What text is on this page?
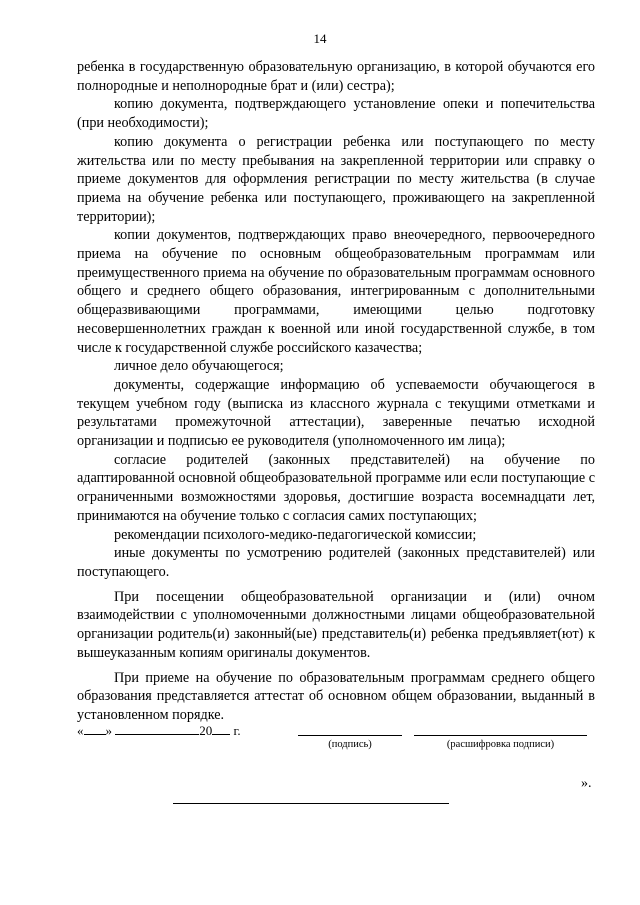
14

ребенка в государственную образовательную организацию, в которой обучаются его полнородные и неполнородные брат и (или) сестра);

копию документа, подтверждающего установление опеки и попечительства (при необходимости);

копию документа о регистрации ребенка или поступающего по месту жительства или по месту пребывания на закрепленной территории или справку о приеме документов для оформления регистрации по месту жительства (в случае приема на обучение ребенка или поступающего, проживающего на закрепленной территории);

копии документов, подтверждающих право внеочередного, первоочередного приема на обучение по основным общеобразовательным программам или преимущественного приема на обучение по образовательным программам основного общего и среднего общего образования, интегрированным с дополнительными общеразвивающими программами, имеющими целью подготовку несовершеннолетних граждан к военной или иной государственной службе, в том числе к государственной службе российского казачества;

личное дело обучающегося;

документы, содержащие информацию об успеваемости обучающегося в текущем учебном году (выписка из классного журнала с текущими отметками и результатами промежуточной аттестации), заверенные печатью исходной организации и подписью ее руководителя (уполномоченного им лица);

согласие родителей (законных представителей) на обучение по адаптированной основной общеобразовательной программе или если поступающие с ограниченными возможностями здоровья, достигшие возраста восемнадцати лет, принимаются на обучение только с согласия самих поступающих;

рекомендации психолого-медико-педагогической комиссии;

иные документы по усмотрению родителей (законных представителей) или поступающего.

При посещении общеобразовательной организации и (или) очном взаимодействии с уполномоченными должностными лицами общеобразовательной организации родитель(и) законный(ые) представитель(и) ребенка предъявляет(ют) к вышеуказанным копиям оригиналы документов.

При приеме на обучение по образовательным программам среднего общего образования представляется аттестат об основном общем образовании, выданный в установленном порядке.

« »	20 г.
(подпись)	(расшифровка подписи)
».
